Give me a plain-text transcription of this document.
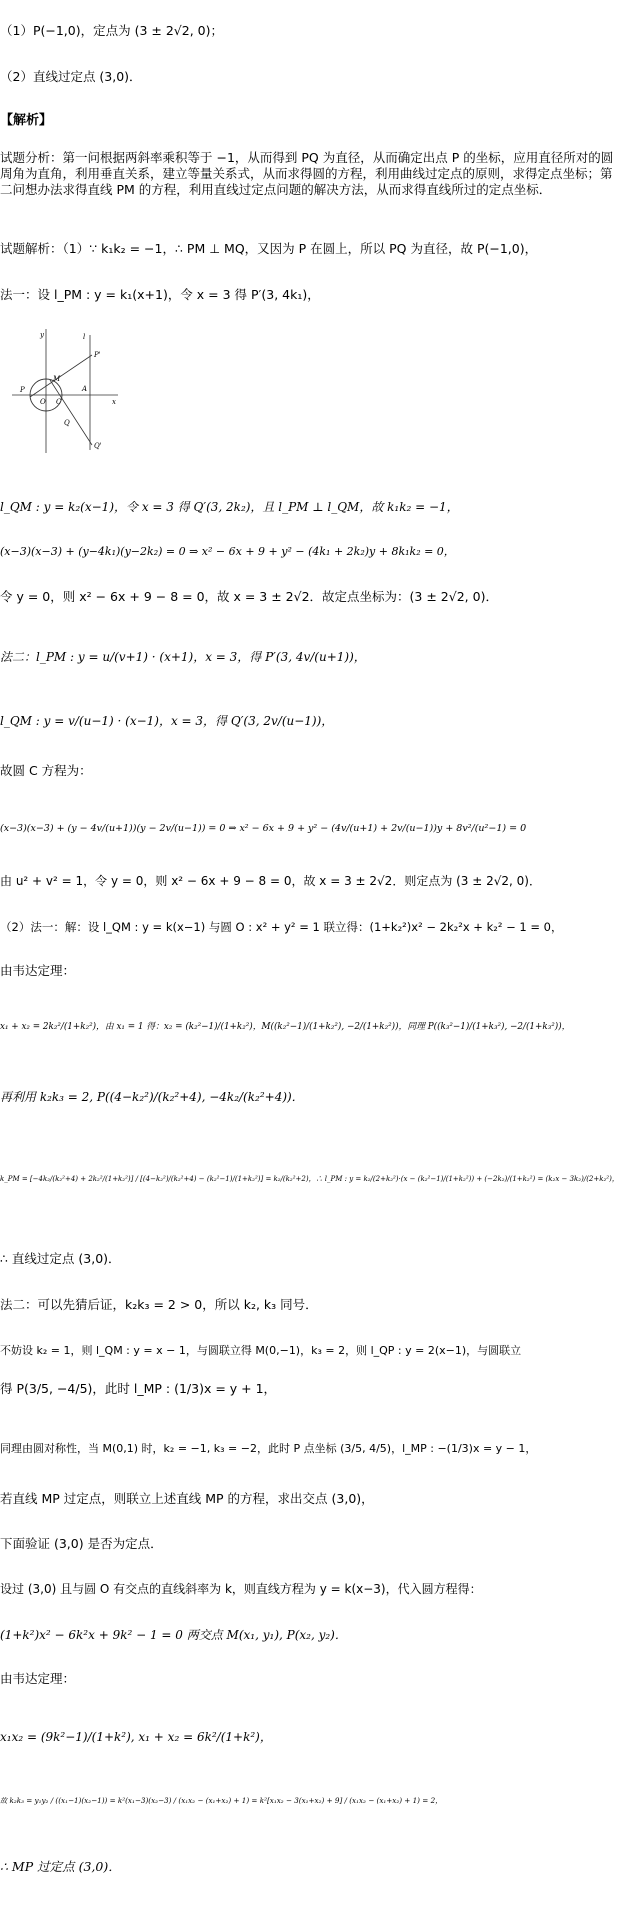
（1）P(−1,0)，定点为 (3 ± 2√2, 0)；
（2）直线过定点 (3,0)．
【解析】
试题分析：第一问根据两斜率乘积等于 −1，从而得到 PQ 为直径，从而确定出点 P 的坐标，应用直径所对的圆周角为直角，利用垂直关系，建立等量关系式，从而求得圆的方程，利用曲线过定点的原则，求得定点坐标；第二问想办法求得直线 PM 的方程，利用直线过定点问题的解决方法，从而求得直线所过的定点坐标．
试题解析：（1）∵ k₁k₂ = −1，∴ PM ⊥ MQ，又因为 P 在圆上，所以 PQ 为直径，故 P(−1,0)，
法一：设 l_PM : y = k₁(x+1)，令 x = 3 得 P′(3, 4k₁)，
y	l
P'
M
A
P
O C	x
Q
Q'
l_QM : y = k₂(x−1)，令 x = 3 得 Q′(3, 2k₂)，且 l_PM ⊥ l_QM，故 k₁k₂ = −1，
(x−3)(x−3) + (y−4k₁)(y−2k₂) = 0 ⇒ x² − 6x + 9 + y² − (4k₁ + 2k₂)y + 8k₁k₂ = 0，
令 y = 0，则 x² − 6x + 9 − 8 = 0，故 x = 3 ± 2√2．故定点坐标为：(3 ± 2√2, 0)．
法二：l_PM : y = u/(v+1) · (x+1)，x = 3，得 P′(3, 4v/(u+1))，
l_QM : y = v/(u−1) · (x−1)，x = 3，得 Q′(3, 2v/(u−1))，
故圆 C 方程为：
(x−3)(x−3) + (y − 4v/(u+1))(y − 2v/(u−1)) = 0 ⇒ x² − 6x + 9 + y² − (4v/(u+1) + 2v/(u−1))y + 8v²/(u²−1) = 0
由 u² + v² = 1，令 y = 0，则 x² − 6x + 9 − 8 = 0，故 x = 3 ± 2√2．则定点为 (3 ± 2√2, 0)．
（2）法一：解：设 l_QM : y = k(x−1) 与圆 O : x² + y² = 1 联立得：(1+k₂²)x² − 2k₂²x + k₂² − 1 = 0，
由韦达定理：
x₁ + x₂ = 2k₂²/(1+k₂²)，由 x₁ = 1 得：x₂ = (k₂²−1)/(1+k₂²)，M((k₂²−1)/(1+k₂²), −2/(1+k₂²))，同理 P((k₃²−1)/(1+k₃²), −2/(1+k₃²))，
再利用 k₂k₃ = 2, P((4−k₂²)/(k₂²+4), −4k₂/(k₂²+4))．
k_PM = [−4k₂/(k₂²+4) + 2k₂²/(1+k₂²)] / [(4−k₂²)/(k₂²+4) − (k₂²−1)/(1+k₂²)] = k₂/(k₂²+2)，∴ l_PM : y = k₂/(2+k₂²)·(x − (k₂²−1)/(1+k₂²)) + (−2k₂)/(1+k₂²) = (k₂x − 3k₂)/(2+k₂²)，
∴ 直线过定点 (3,0)．
法二：可以先猜后证，k₂k₃ = 2 > 0，所以 k₂, k₃ 同号．
不妨设 k₂ = 1，则 l_QM : y = x − 1，与圆联立得 M(0,−1)，k₃ = 2，则 l_QP : y = 2(x−1)，与圆联立
得 P(3/5, −4/5)，此时 l_MP : (1/3)x = y + 1，
同理由圆对称性，当 M(0,1) 时，k₂ = −1, k₃ = −2，此时 P 点坐标 (3/5, 4/5)，l_MP : −(1/3)x = y − 1，
若直线 MP 过定点，则联立上述直线 MP 的方程，求出交点 (3,0)，
下面验证 (3,0) 是否为定点．
设过 (3,0) 且与圆 O 有交点的直线斜率为 k，则直线方程为 y = k(x−3)，代入圆方程得：
(1+k²)x² − 6k²x + 9k² − 1 = 0 两交点 M(x₁, y₁), P(x₂, y₂)．
由韦达定理：
x₁x₂ = (9k²−1)/(1+k²), x₁ + x₂ = 6k²/(1+k²)，
故 k₂k₃ = y₁y₂ / ((x₁−1)(x₂−1)) = k²(x₁−3)(x₂−3) / (x₁x₂ − (x₁+x₂) + 1) = k²[x₁x₂ − 3(x₁+x₂) + 9] / (x₁x₂ − (x₁+x₂) + 1) = 2，
∴ MP 过定点 (3,0)．
